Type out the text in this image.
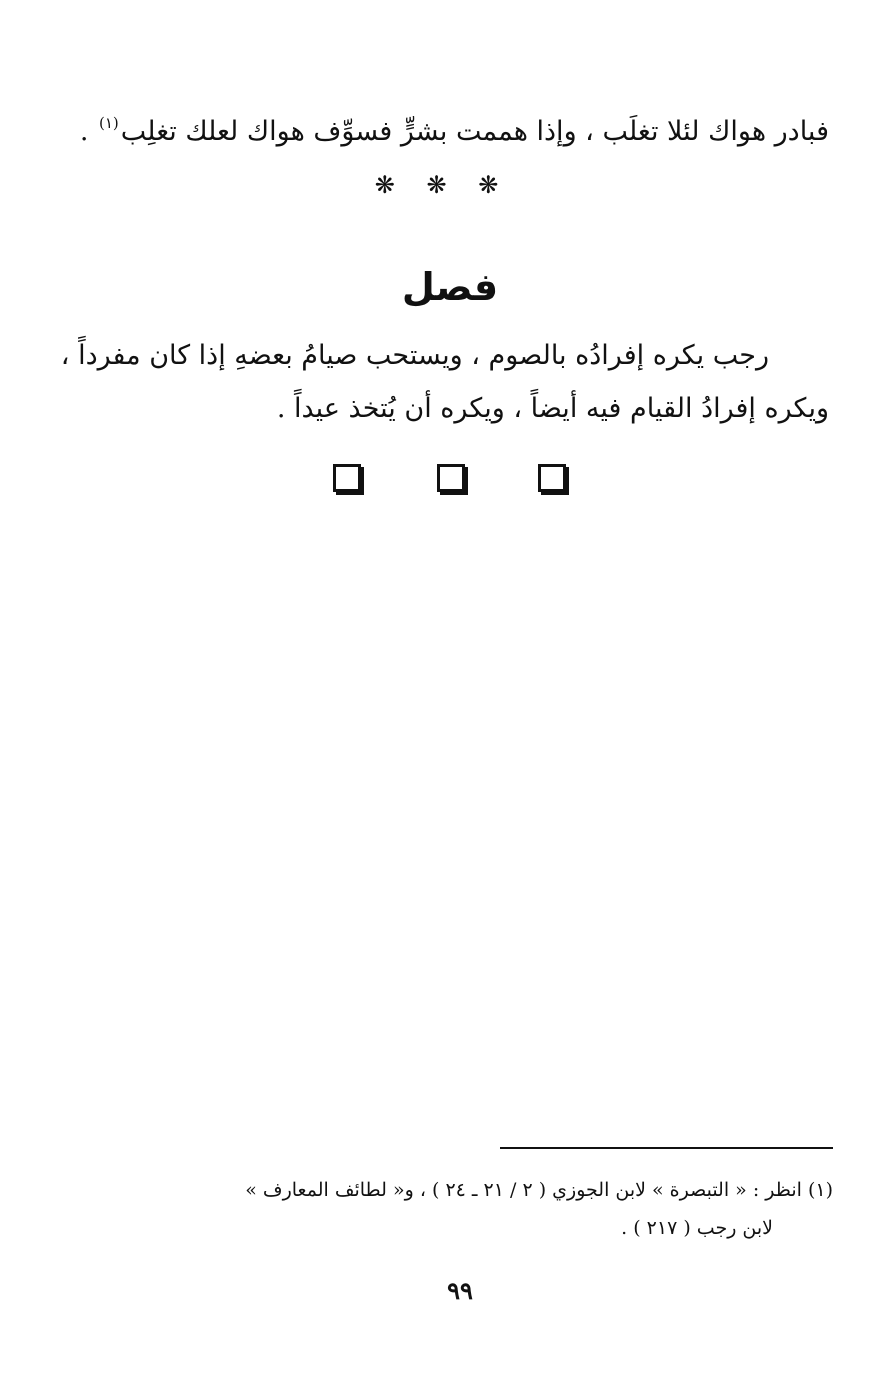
فبادر هواك لئلا تغلَب ، وإذا هممت بشرٍّ فسوِّف هواك لعلك تغلِب$^{(١)}$ .
❋ ❋ ❋
فصل
رجب يكره إفرادُه بالصوم ، ويستحب صيامُ بعضهِ إذا كان مفرداً ،
ويكره إفرادُ القيام فيه أيضاً ، ويكره أن يُتخذ عيداً .
(١) انظر : « التبصرة » لابن الجوزي ( ٢ / ٢١ ـ ٢٤ ) ، و« لطائف المعارف »
لابن رجب ( ٢١٧ ) .
٩٩
